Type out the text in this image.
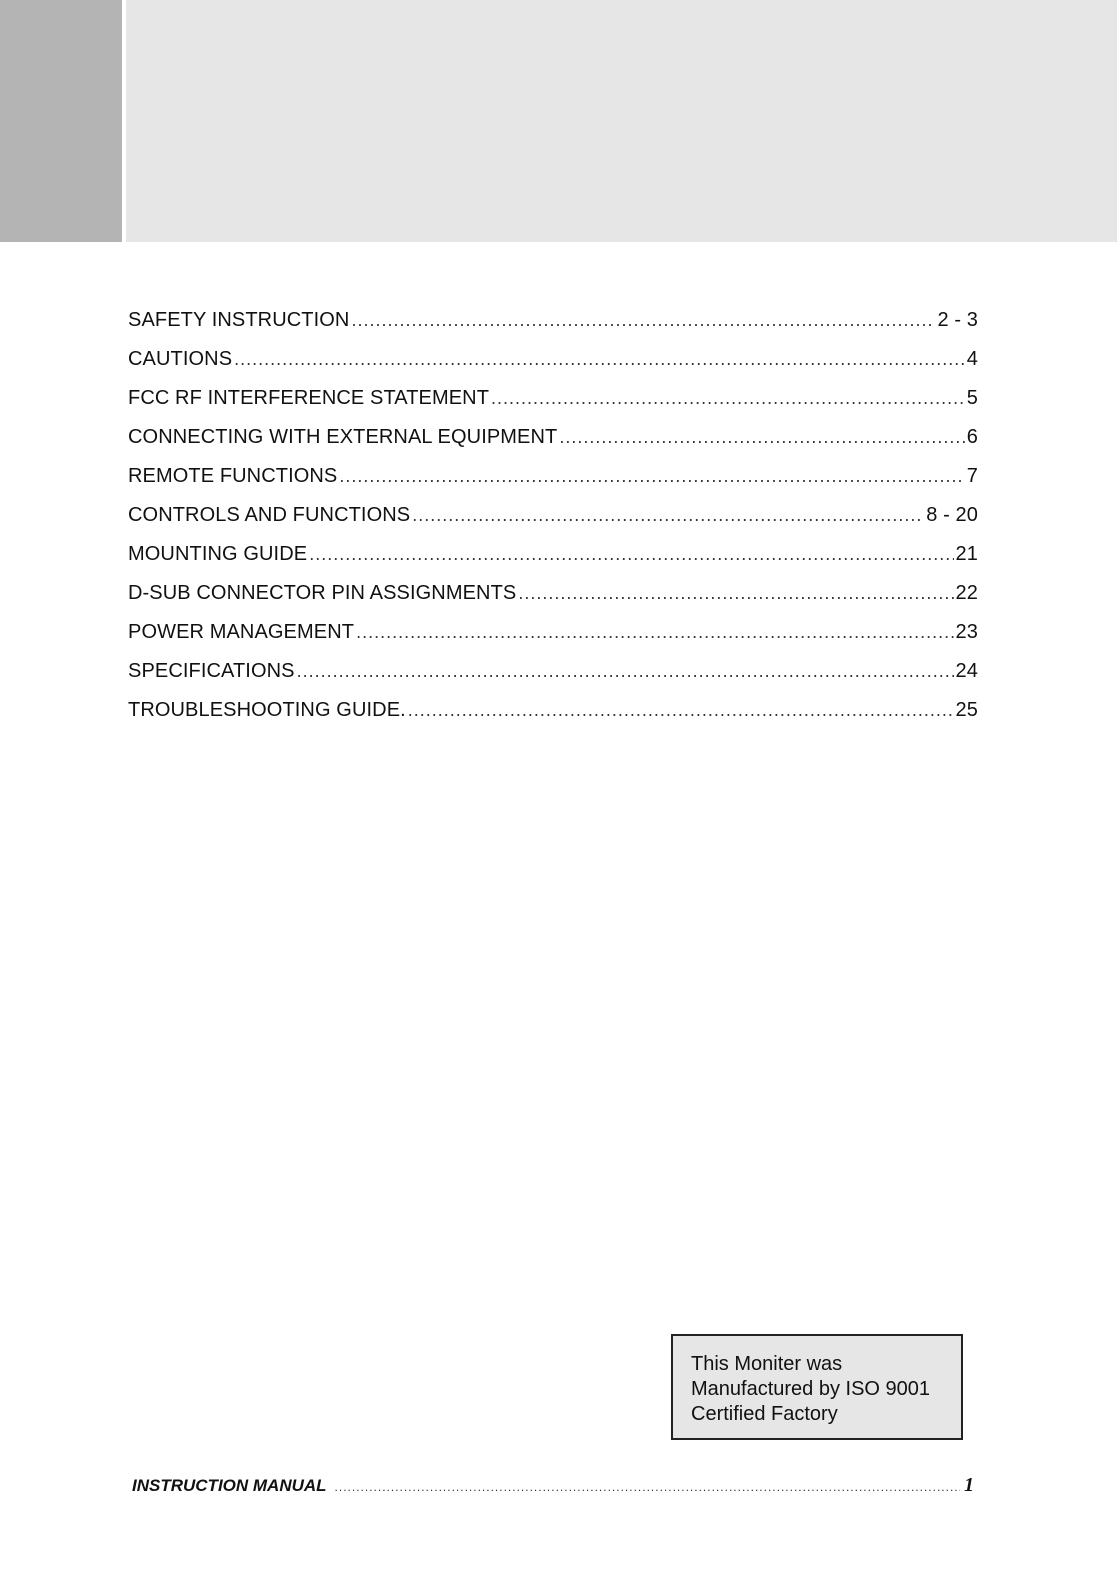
SAFETY INSTRUCTION .....	2 - 3
CAUTIONS .....	4
FCC RF INTERFERENCE STATEMENT .....	5
CONNECTING WITH EXTERNAL EQUIPMENT .....	6
REMOTE FUNCTIONS .....	7
CONTROLS AND FUNCTIONS .....	8 - 20
MOUNTING GUIDE .....	21
D-SUB CONNECTOR PIN ASSIGNMENTS .....	22
POWER MANAGEMENT .....	23
SPECIFICATIONS .....	24
TROUBLESHOOTING GUIDE. .....	25
This Moniter was
Manufactured by ISO 9001
Certified Factory
INSTRUCTION MANUAL .....	1
